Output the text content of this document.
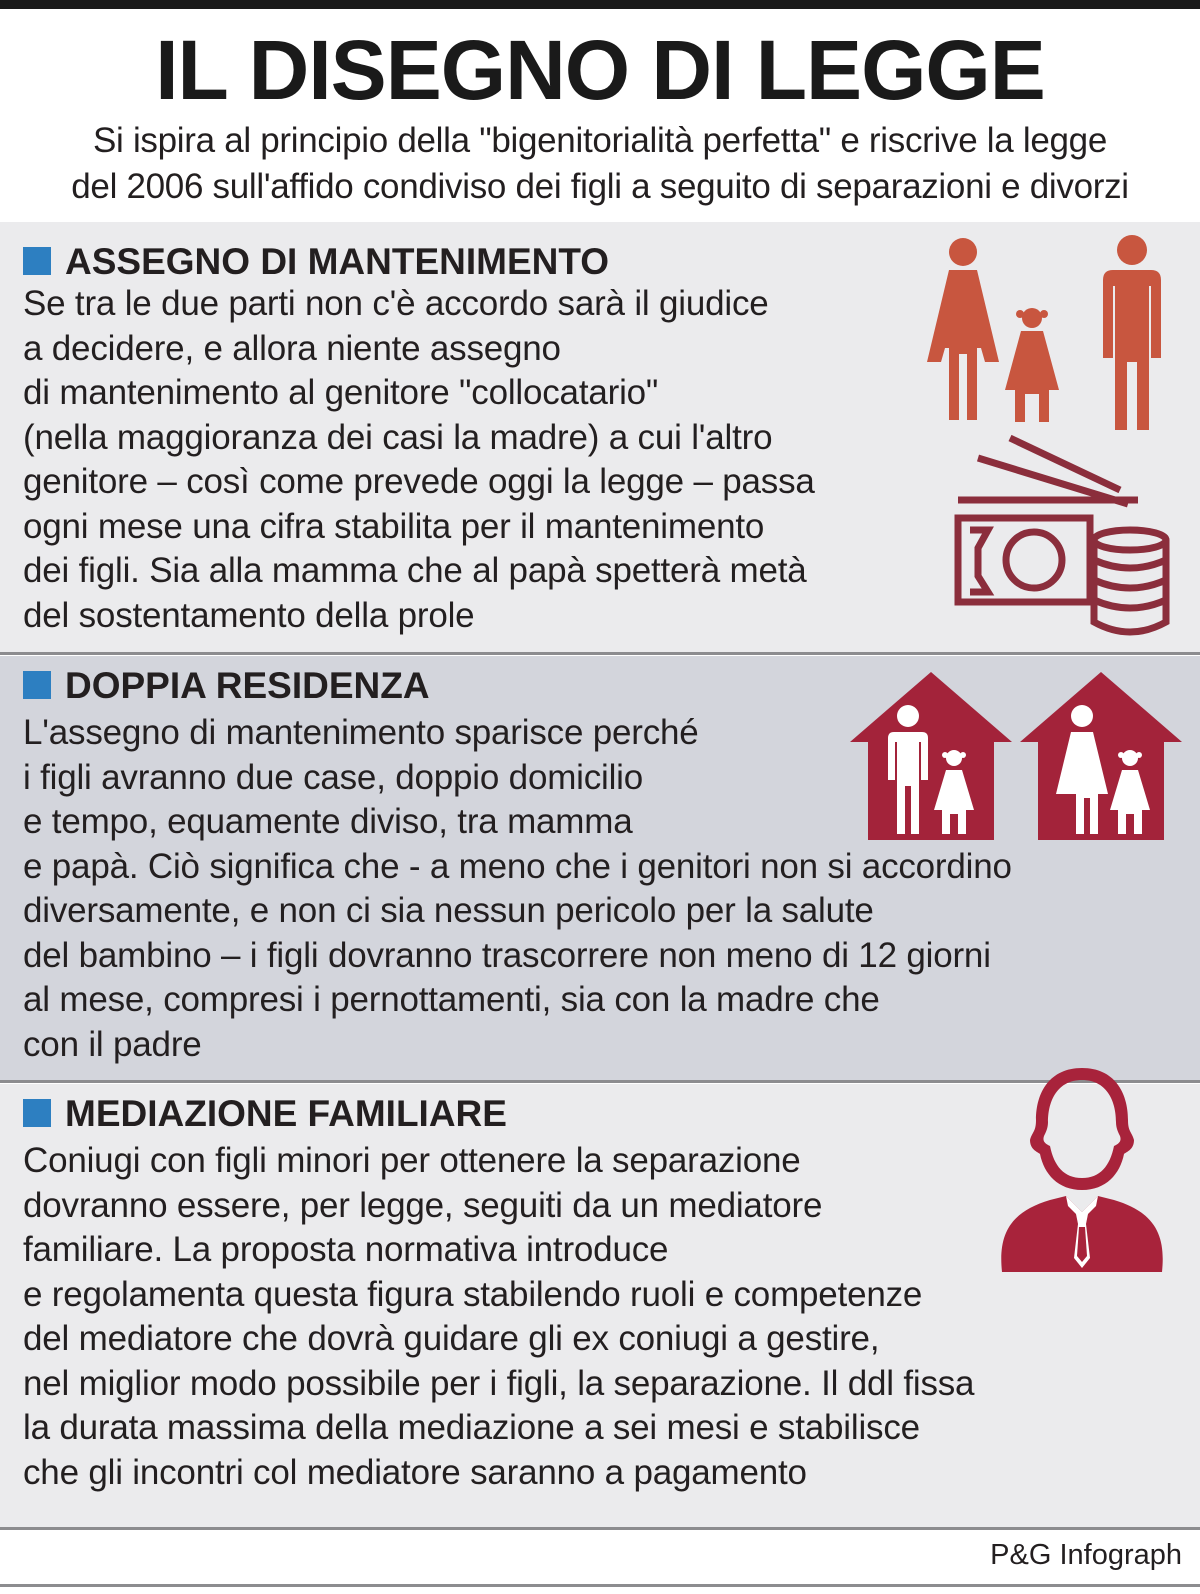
IL DISEGNO DI LEGGE
Si ispira al principio della "bigenitorialità perfetta" e riscrive la legge
del 2006 sull'affido condiviso dei figli a seguito di separazioni e divorzi
ASSEGNO DI MANTENIMENTO
Se tra le due parti non c'è accordo sarà il giudice
a decidere, e allora niente assegno
di mantenimento al genitore "collocatario"
(nella maggioranza dei casi la madre) a cui l'altro
genitore – così come prevede oggi la legge – passa
ogni mese una cifra stabilita per il mantenimento
dei figli. Sia alla mamma che al papà spetterà metà
del sostentamento della prole
DOPPIA RESIDENZA
L'assegno di mantenimento sparisce perché
i figli avranno due case, doppio domicilio
e tempo, equamente diviso, tra mamma
e papà. Ciò significa che - a meno che i genitori non si accordino
diversamente, e non ci sia nessun pericolo per la salute
del bambino – i figli dovranno trascorrere non meno di 12 giorni
al mese, compresi i pernottamenti, sia con la madre che
con il padre
MEDIAZIONE FAMILIARE
Coniugi con figli minori per ottenere la separazione
dovranno essere, per legge, seguiti da un mediatore
familiare. La proposta normativa introduce
e regolamenta questa figura stabilendo ruoli e competenze
del mediatore che dovrà guidare gli ex coniugi a gestire,
nel miglior modo possibile per i figli, la separazione. Il ddl fissa
la durata massima della mediazione a sei mesi e stabilisce
che gli incontri col mediatore saranno a pagamento
P&G Infograph
